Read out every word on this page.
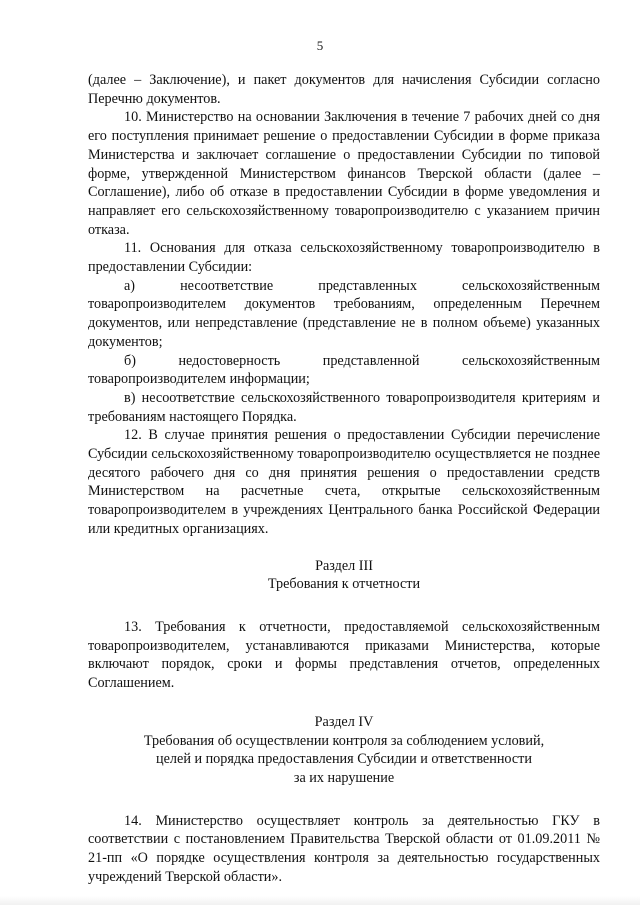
5

(далее – Заключение), и пакет документов для начисления Субсидии согласно Перечню документов.

10. Министерство на основании Заключения в течение 7 рабочих дней со дня его поступления принимает решение о предоставлении Субсидии в форме приказа Министерства и заключает соглашение о предоставлении Субсидии по типовой форме, утвержденной Министерством финансов Тверской области (далее – Соглашение), либо об отказе в предоставлении Субсидии в форме уведомления и направляет его сельскохозяйственному товаропроизводителю с указанием причин отказа.

11. Основания для отказа сельскохозяйственному товаропроизводителю в предоставлении Субсидии:

а) несоответствие представленных сельскохозяйственным товаропроизводителем документов требованиям, определенным Перечнем документов, или непредставление (представление не в полном объеме) указанных документов;

б) недостоверность представленной сельскохозяйственным товаропроизводителем информации;

в) несоответствие сельскохозяйственного товаропроизводителя критериям и требованиям настоящего Порядка.

12. В случае принятия решения о предоставлении Субсидии перечисление Субсидии сельскохозяйственному товаропроизводителю осуществляется не позднее десятого рабочего дня со дня принятия решения о предоставлении средств Министерством на расчетные счета, открытые сельскохозяйственным товаропроизводителем в учреждениях Центрального банка Российской Федерации или кредитных организациях.

Раздел III

Требования к отчетности

13. Требования к отчетности, предоставляемой сельскохозяйственным товаропроизводителем, устанавливаются приказами Министерства, которые включают порядок, сроки и формы представления отчетов, определенных Соглашением.

Раздел IV

Требования об осуществлении контроля за соблюдением условий,

целей и порядка предоставления Субсидии и ответственности

за их нарушение

14. Министерство осуществляет контроль за деятельностью ГКУ в соответствии с постановлением Правительства Тверской области от 01.09.2011 № 21-пп «О порядке осуществления контроля за деятельностью государственных учреждений Тверской области».
